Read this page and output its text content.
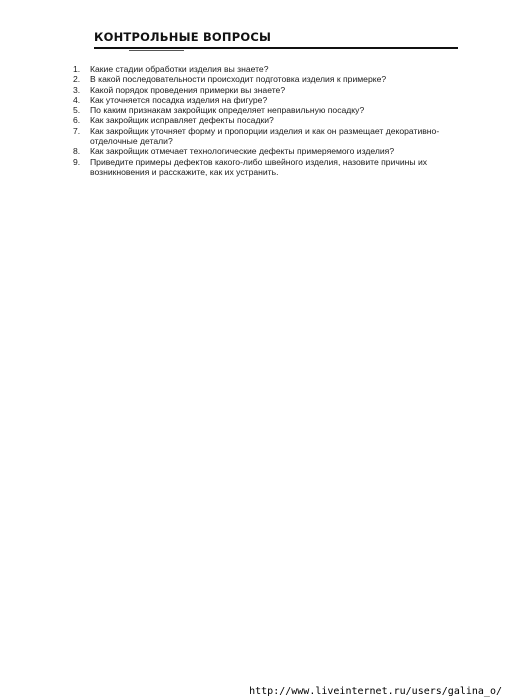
КОНТРОЛЬНЫЕ ВОПРОСЫ
1.	Какие стадии обработки изделия вы знаете?
2.	В какой последовательности происходит подготовка изделия к примерке?
3.	Какой порядок проведения примерки вы знаете?
4.	Как уточняется посадка изделия на фигуре?
5.	По каким признакам закройщик определяет неправильную посадку?
6.	Как закройщик исправляет дефекты посадки?
7.	Как закройщик уточняет форму и пропорции изделия и как он размещает декоративно-отделочные детали?
8.	Как закройщик отмечает технологические дефекты примеряемого изделия?
9.	Приведите примеры дефектов какого-либо швейного изделия, назовите причины их возникновения и расскажите, как их устранить.
http://www.liveinternet.ru/users/galina_o/
